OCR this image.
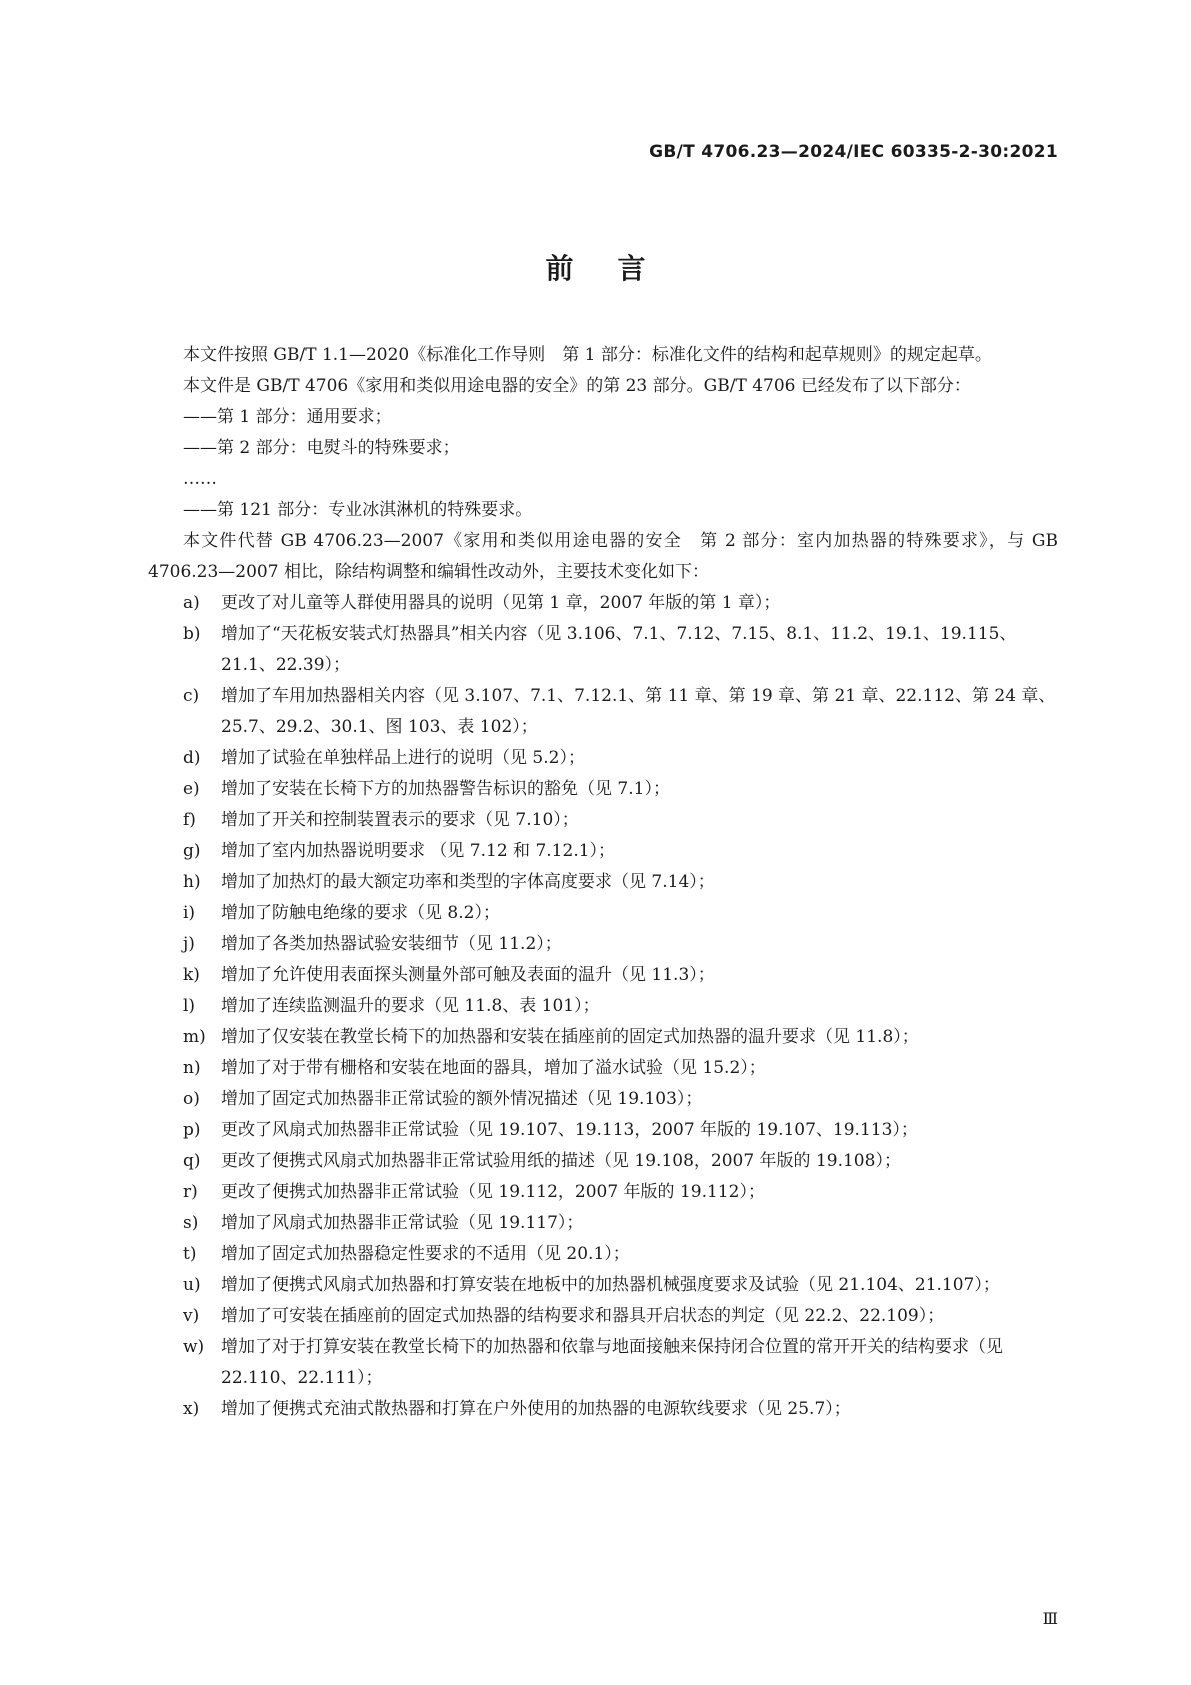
GB/T 4706.23—2024/IEC 60335-2-30:2021
前言

本文件按照 GB/T 1.1—2020《标准化工作导则　第 1 部分：标准化文件的结构和起草规则》的规定起草。

本文件是 GB/T 4706《家用和类似用途电器的安全》的第 23 部分。GB/T 4706 已经发布了以下部分：

——第 1 部分：通用要求；

——第 2 部分：电熨斗的特殊要求；

……

——第 121 部分：专业冰淇淋机的特殊要求。

本文件代替 GB 4706.23—2007《家用和类似用途电器的安全　第 2 部分：室内加热器的特殊要求》，与 GB 4706.23—2007 相比，除结构调整和编辑性改动外，主要技术变化如下：

a)	更改了对儿童等人群使用器具的说明（见第 1 章，2007 年版的第 1 章）；
b)	增加了“天花板安装式灯热器具”相关内容（见 3.106、7.1、7.12、7.15、8.1、11.2、19.1、19.115、21.1、22.39）；
c)	增加了车用加热器相关内容（见 3.107、7.1、7.12.1、第 11 章、第 19 章、第 21 章、22.112、第 24 章、25.7、29.2、30.1、图 103、表 102）；
d)	增加了试验在单独样品上进行的说明（见 5.2）；
e)	增加了安装在长椅下方的加热器警告标识的豁免（见 7.1）；
f)	增加了开关和控制装置表示的要求（见 7.10）；
g)	增加了室内加热器说明要求 （见 7.12 和 7.12.1）；
h)	增加了加热灯的最大额定功率和类型的字体高度要求（见 7.14）；
i)	增加了防触电绝缘的要求（见 8.2）；
j)	增加了各类加热器试验安装细节（见 11.2）；
k)	增加了允许使用表面探头测量外部可触及表面的温升（见 11.3）；
l)	增加了连续监测温升的要求（见 11.8、表 101）；
m) 增加了仅安装在教堂长椅下的加热器和安装在插座前的固定式加热器的温升要求（见 11.8）；
n)	增加了对于带有栅格和安装在地面的器具，增加了溢水试验（见 15.2）；
o)	增加了固定式加热器非正常试验的额外情况描述（见 19.103）；
p)	更改了风扇式加热器非正常试验（见 19.107、19.113，2007 年版的 19.107、19.113）；
q)	更改了便携式风扇式加热器非正常试验用纸的描述（见 19.108，2007 年版的 19.108）；
r)	更改了便携式加热器非正常试验（见 19.112，2007 年版的 19.112）；
s)	增加了风扇式加热器非正常试验（见 19.117）；
t)	增加了固定式加热器稳定性要求的不适用（见 20.1）；
u)	增加了便携式风扇式加热器和打算安装在地板中的加热器机械强度要求及试验（见 21.104、21.107）；
v)	增加了可安装在插座前的固定式加热器的结构要求和器具开启状态的判定（见 22.2、22.109）；
w) 增加了对于打算安装在教堂长椅下的加热器和依靠与地面接触来保持闭合位置的常开开关的结构要求（见 22.110、22.111）；
x)	增加了便携式充油式散热器和打算在户外使用的加热器的电源软线要求（见 25.7）；
Ⅲ
